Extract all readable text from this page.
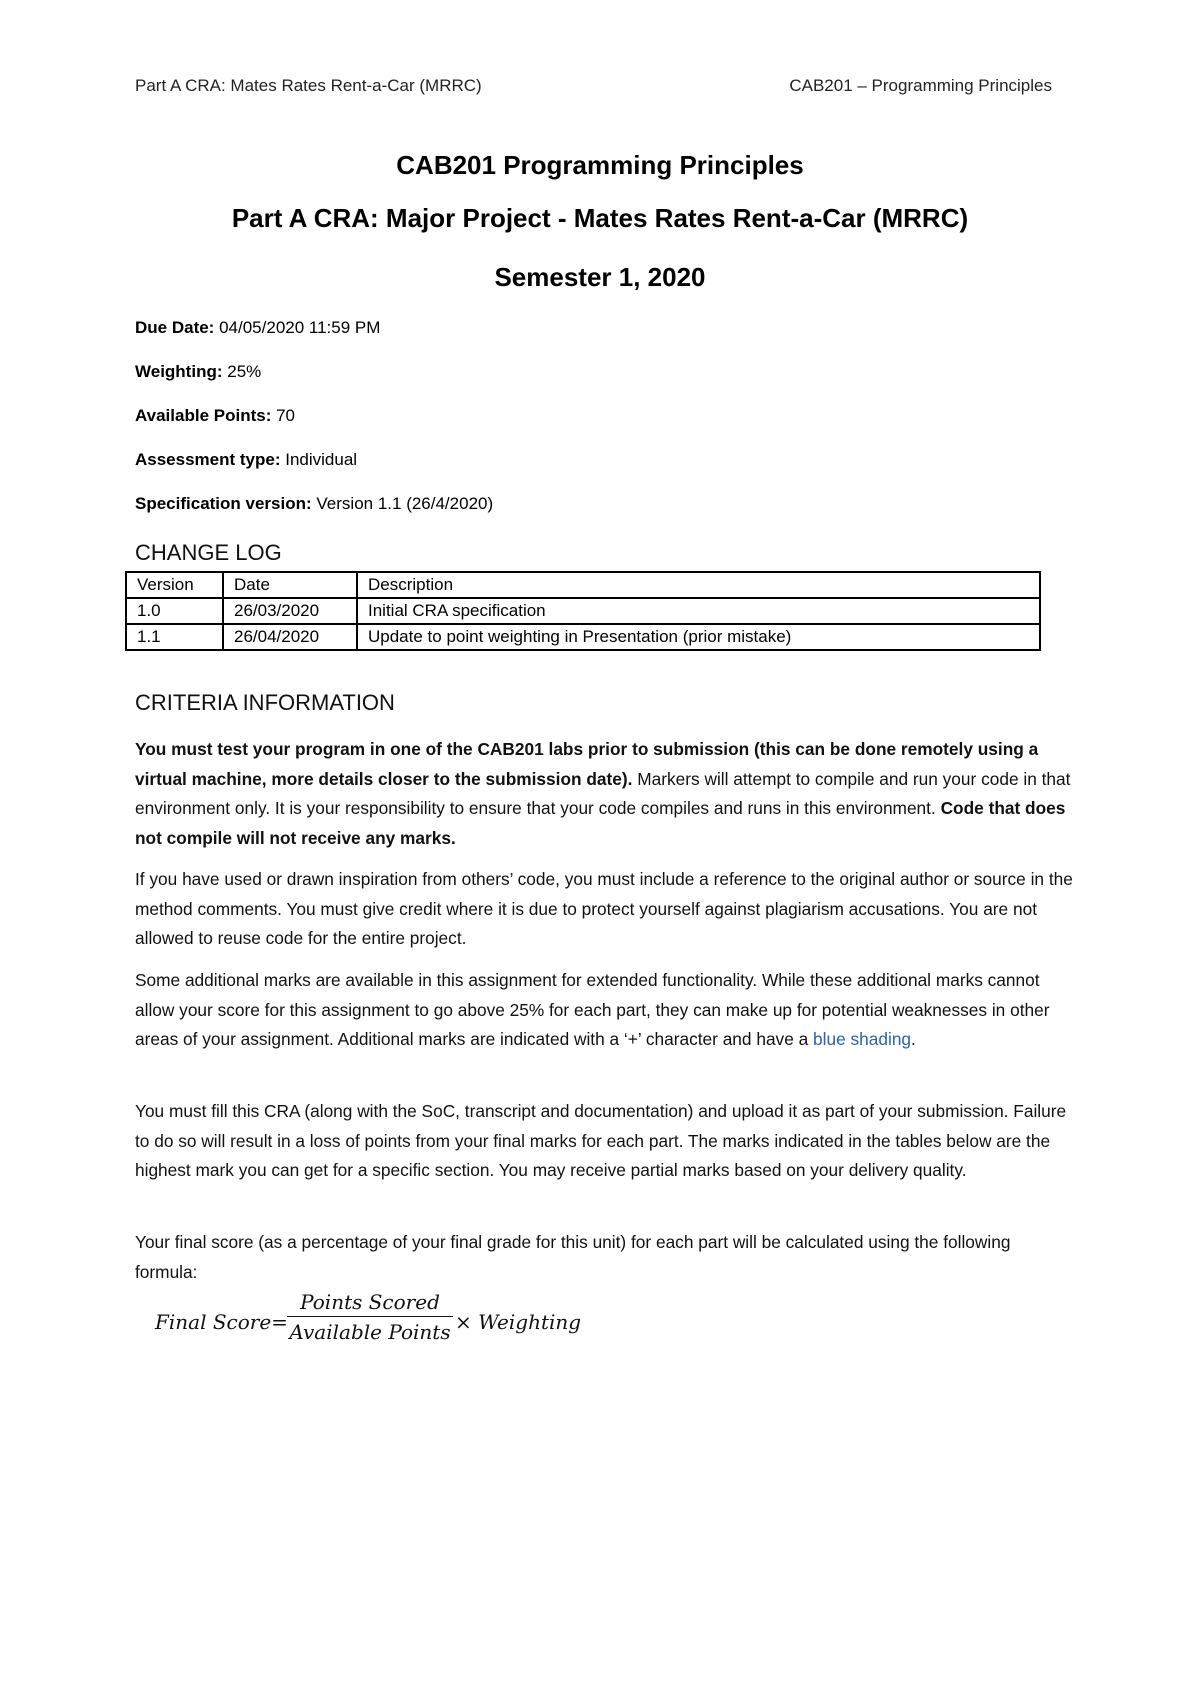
Part A CRA: Mates Rates Rent-a-Car (MRRC)	CAB201 – Programming Principles
CAB201 Programming Principles
Part A CRA: Major Project - Mates Rates Rent-a-Car (MRRC)
Semester 1, 2020
Due Date: 04/05/2020 11:59 PM
Weighting: 25%
Available Points: 70
Assessment type: Individual
Specification version: Version 1.1 (26/4/2020)
CHANGE LOG
Version	Date	Description
1.0	26/03/2020	Initial CRA specification
1.1	26/04/2020	Update to point weighting in Presentation (prior mistake)
CRITERIA INFORMATION
You must test your program in one of the CAB201 labs prior to submission (this can be done remotely using a virtual machine, more details closer to the submission date). Markers will attempt to compile and run your code in that environment only. It is your responsibility to ensure that your code compiles and runs in this environment. Code that does not compile will not receive any marks.
If you have used or drawn inspiration from others’ code, you must include a reference to the original author or source in the method comments. You must give credit where it is due to protect yourself against plagiarism accusations. You are not allowed to reuse code for the entire project.
Some additional marks are available in this assignment for extended functionality. While these additional marks cannot allow your score for this assignment to go above 25% for each part, they can make up for potential weaknesses in other areas of your assignment. Additional marks are indicated with a ‘+’ character and have a blue shading.
You must fill this CRA (along with the SoC, transcript and documentation) and upload it as part of your submission. Failure to do so will result in a loss of points from your final marks for each part. The marks indicated in the tables below are the highest mark you can get for a specific section. You may receive partial marks based on your delivery quality.
Your final score (as a percentage of your final grade for this unit) for each part will be calculated using the following formula:
Final Score=
Points Scored
Available Points × Weighting
